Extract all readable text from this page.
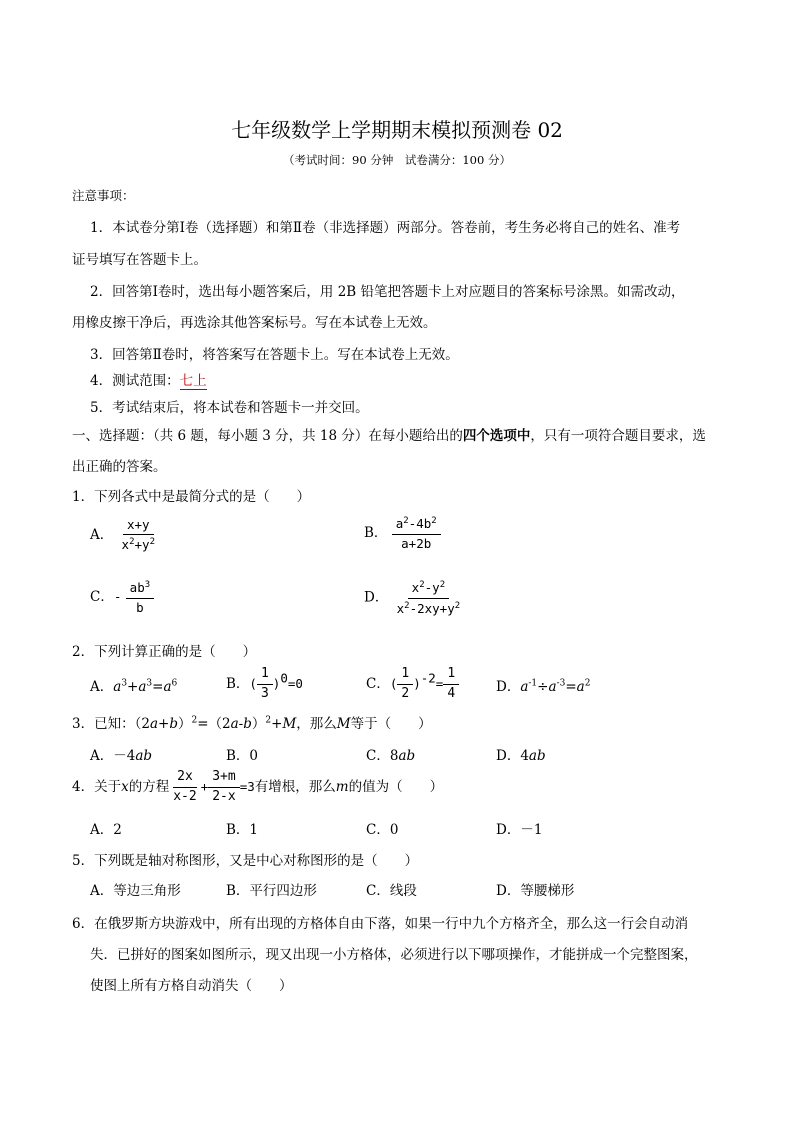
七年级数学上学期期末模拟预测卷 02
（考试时间：90 分钟　试卷满分：100 分）
注意事项：
1．本试卷分第Ⅰ卷（选择题）和第Ⅱ卷（非选择题）两部分。答卷前，考生务必将自己的姓名、准考
证号填写在答题卡上。
2．回答第Ⅰ卷时，选出每小题答案后，用 2B 铅笔把答题卡上对应题目的答案标号涂黑。如需改动，
用橡皮擦干净后，再选涂其他答案标号。写在本试卷上无效。
3．回答第Ⅱ卷时，将答案写在答题卡上。写在本试卷上无效。
4．测试范围：七上
5．考试结束后，将本试卷和答题卡一并交回。
一、选择题：（共 6 题，每小题 3 分，共 18 分）在每小题给出的四个选项中，只有一项符合题目要求，选
出正确的答案。
1．下列各式中是最简分式的是（　　）
A． $\frac{x+y}{x^2+y^2}$	B． $\frac{a^2-4b^2}{a+2b}$
C．- $\frac{ab^3}{b}$	D． $\frac{x^2-y^2}{x^2-2xy+y^2}$
2．下列计算正确的是（　　）
A．$a^3+a^3=a^6$	B．( $\frac{1}{3} )^0=0$	C．( $\frac{1}{2} )^{-2}= \frac{1}{4}$	D．$a^{-1}\div a^{-3}=a^2$
3．已知：$(2a+b)^2=(2a-b)^2+M$，那么M等于（　　）
A．－4ab	B．0	C．8ab	D．4ab
4．关于x的方程 $\frac{2x}{x-2} + \frac{3+m}{2-x} =3$有增根，那么m的值为（　　）
A．2	B．1	C．0	D．－1
5．下列既是轴对称图形，又是中心对称图形的是（　　）
A．等边三角形	B．平行四边形	C．线段	D．等腰梯形
6．在俄罗斯方块游戏中，所有出现的方格体自由下落，如果一行中九个方格齐全，那么这一行会自动消
失．已拼好的图案如图所示，现又出现一小方格体，必须进行以下哪项操作，才能拼成一个完整图案，
使图上所有方格自动消失（　　）
